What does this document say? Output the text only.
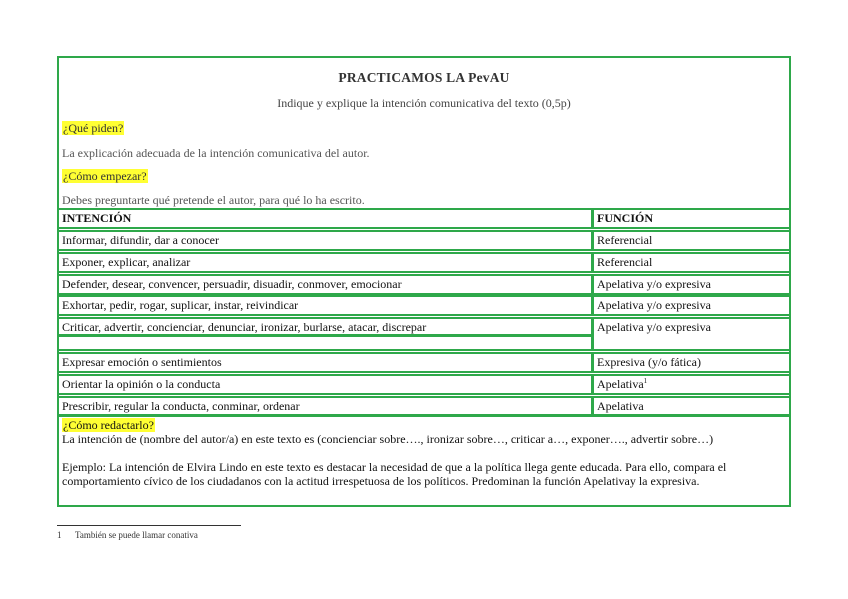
PRACTICAMOS LA PevAU
Indique y explique la intención comunicativa del texto (0,5p)
¿Qué piden?
La explicación adecuada de la intención comunicativa del autor.
¿Cómo empezar?
Debes preguntarte qué pretende el autor, para qué lo ha escrito.
INTENCIÓN	FUNCIÓN
Informar, difundir, dar a conocer	Referencial
Exponer, explicar, analizar	Referencial
Defender, desear, convencer, persuadir, disuadir, conmover, emocionar	Apelativa y/o expresiva
Exhortar, pedir, rogar, suplicar, instar, reivindicar	Apelativa y/o expresiva
Criticar, advertir, concienciar, denunciar, ironizar, burlarse, atacar, discrepar	Apelativa y/o expresiva
Expresar emoción o sentimientos	Expresiva (y/o fática)
Orientar la opinión o la conducta	Apelativa$^1$
Prescribir, regular la conducta, conminar, ordenar	Apelativa

¿Cómo redactarlo?

La intención de (nombre del autor/a) en este texto es (concienciar sobre…., ironizar sobre…, criticar a…, exponer…., advertir sobre…)

Ejemplo: La intención de Elvira Lindo en este texto es destacar la necesidad de que a la política llega gente educada. Para ello, compara el comportamiento cívico de los ciudadanos con la actitud irrespetuosa de los políticos. Predominan la función Apelativay la expresiva.

1 También se puede llamar conativa
